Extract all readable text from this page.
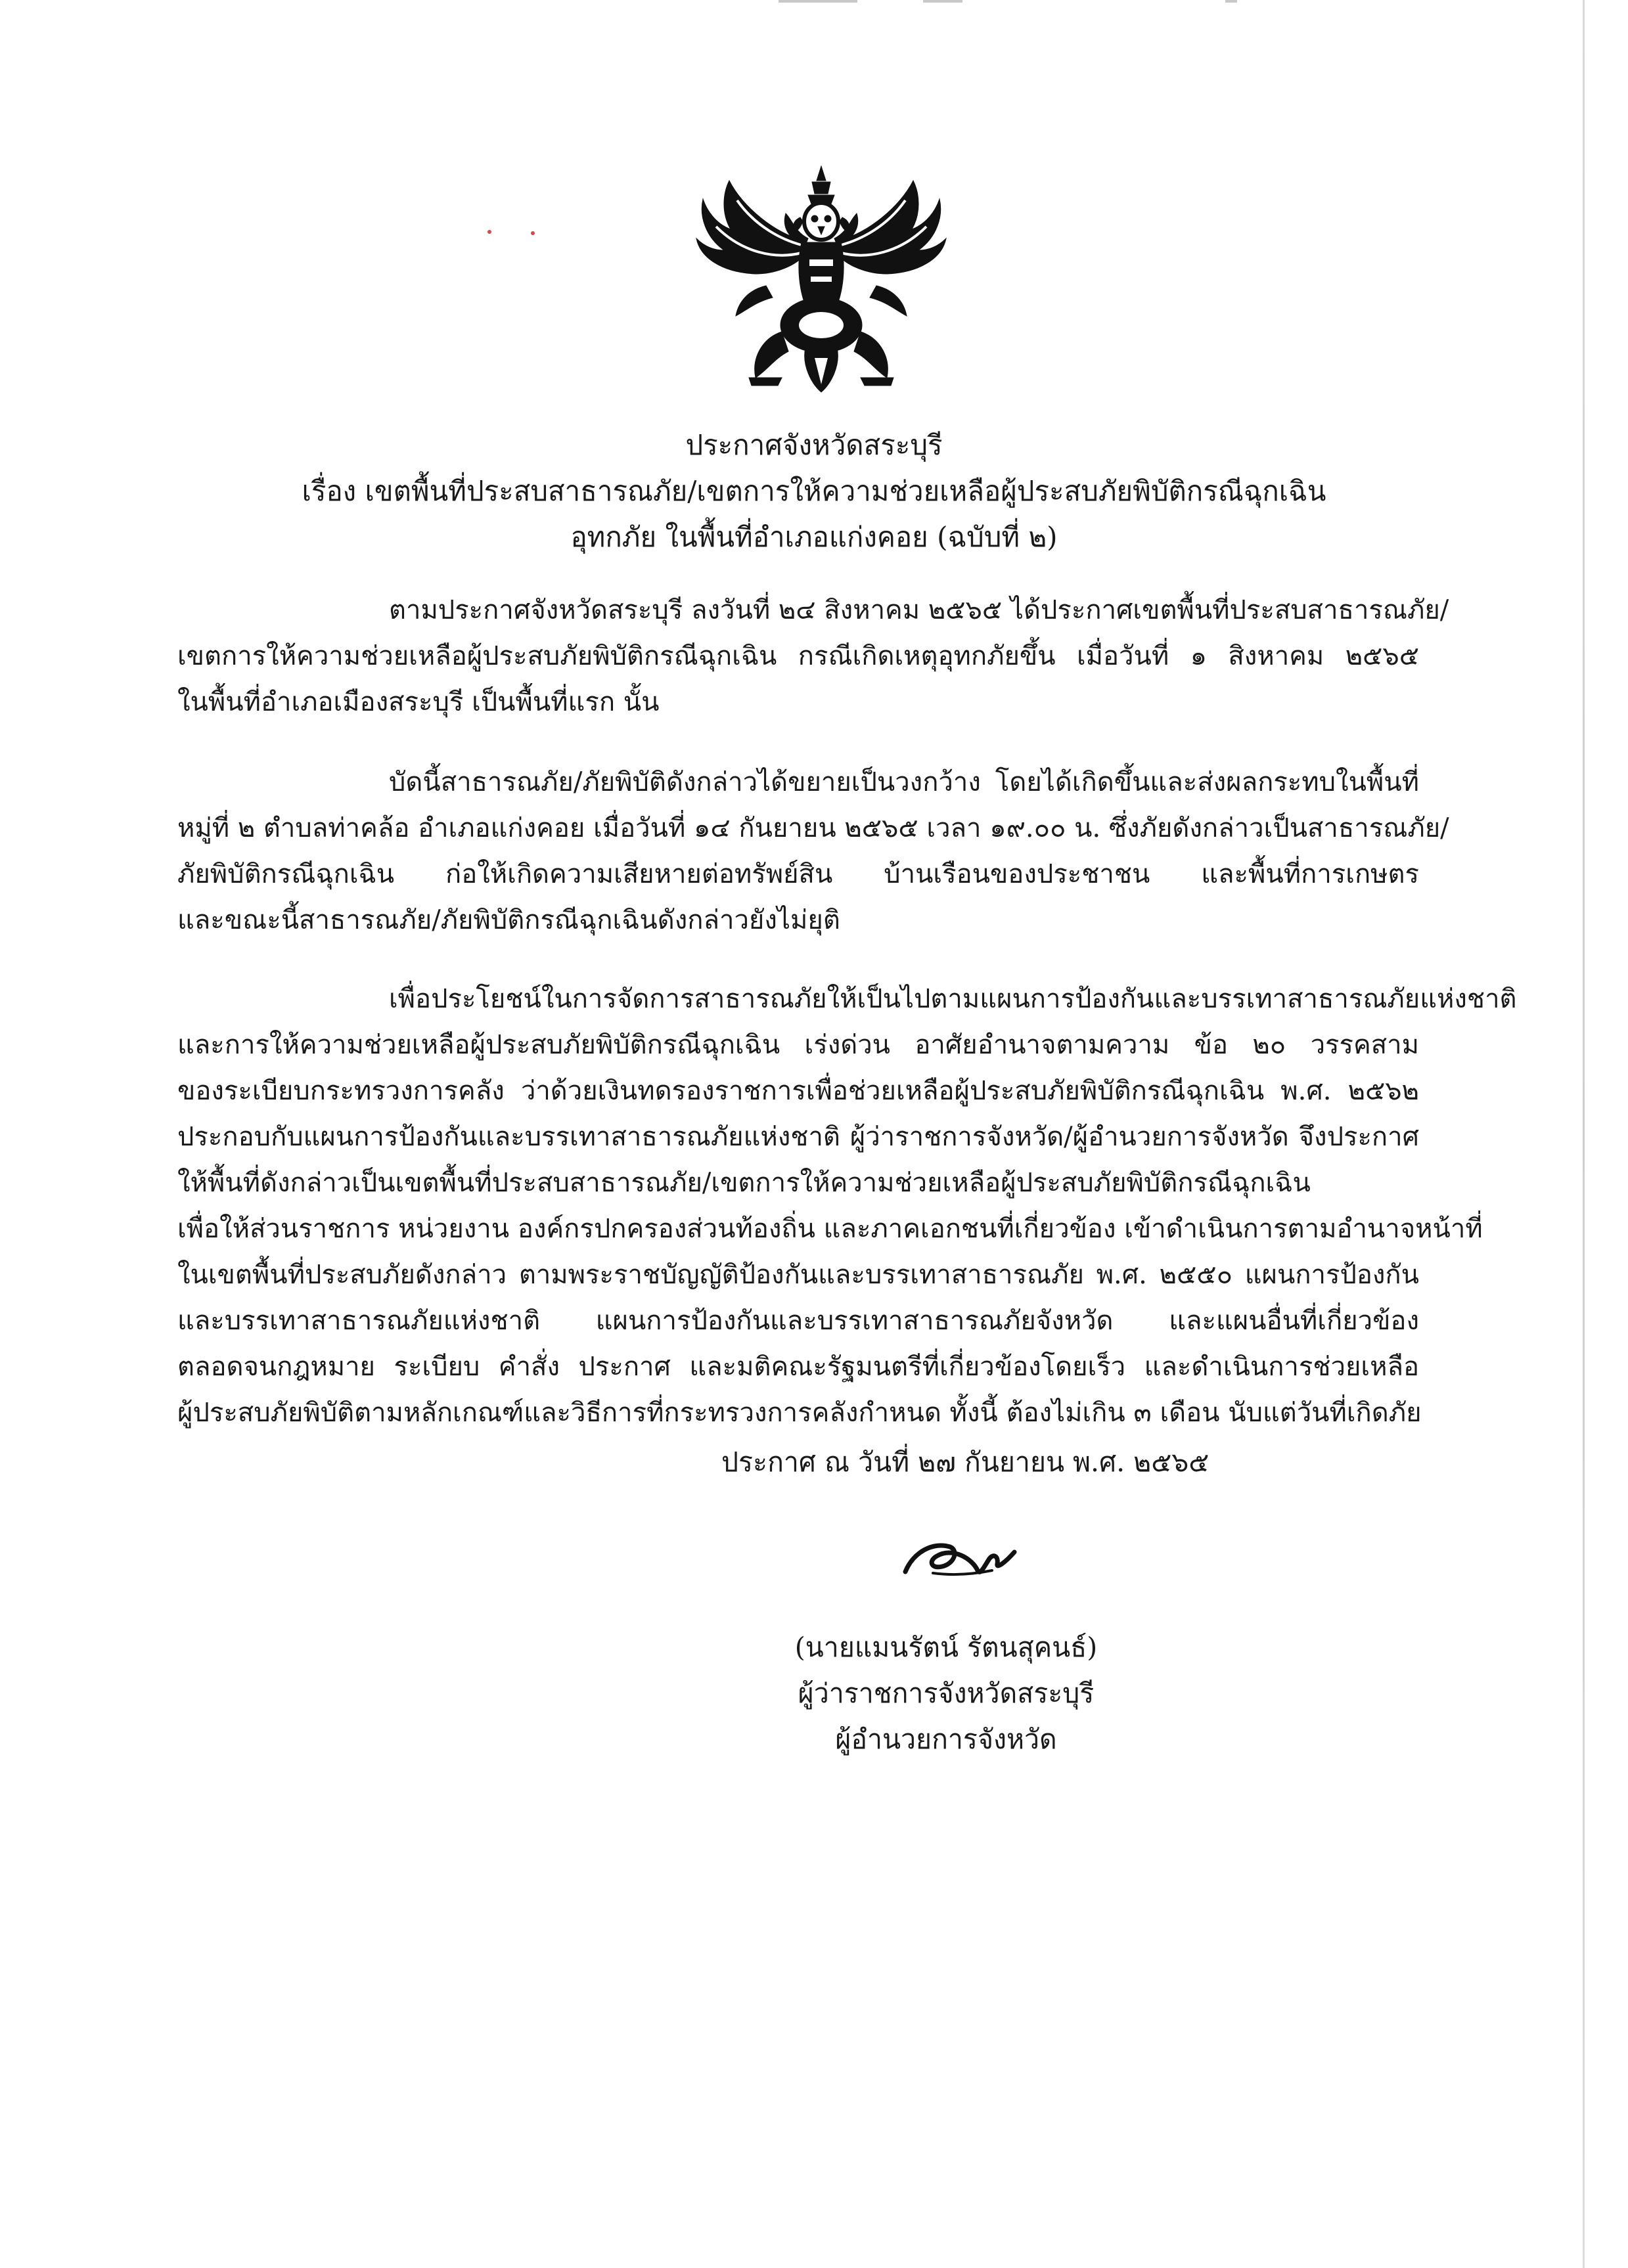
ประกาศจังหวัดสระบุรี
เรื่อง เขตพื้นที่ประสบสาธารณภัย/เขตการให้ความช่วยเหลือผู้ประสบภัยพิบัติกรณีฉุกเฉิน
อุทกภัย ในพื้นที่อำเภอแก่งคอย (ฉบับที่ ๒)
ตามประกาศจังหวัดสระบุรี ลงวันที่ ๒๔ สิงหาคม ๒๕๖๕ ได้ประกาศเขตพื้นที่ประสบสาธารณภัย/
เขตการให้ความช่วยเหลือผู้ประสบภัยพิบัติกรณีฉุกเฉิน กรณีเกิดเหตุอุทกภัยขึ้น เมื่อวันที่ ๑ สิงหาคม ๒๕๖๕
ในพื้นที่อำเภอเมืองสระบุรี เป็นพื้นที่แรก นั้น
บัดนี้สาธารณภัย/ภัยพิบัติดังกล่าวได้ขยายเป็นวงกว้าง โดยได้เกิดขึ้นและส่งผลกระทบในพื้นที่
หมู่ที่ ๒ ตำบลท่าคล้อ อำเภอแก่งคอย เมื่อวันที่ ๑๔ กันยายน ๒๕๖๕ เวลา ๑๙.๐๐ น. ซึ่งภัยดังกล่าวเป็นสาธารณภัย/
ภัยพิบัติกรณีฉุกเฉิน ก่อให้เกิดความเสียหายต่อทรัพย์สิน บ้านเรือนของประชาชน และพื้นที่การเกษตร
และขณะนี้สาธารณภัย/ภัยพิบัติกรณีฉุกเฉินดังกล่าวยังไม่ยุติ
เพื่อประโยชน์ในการจัดการสาธารณภัยให้เป็นไปตามแผนการป้องกันและบรรเทาสาธารณภัยแห่งชาติ
และการให้ความช่วยเหลือผู้ประสบภัยพิบัติกรณีฉุกเฉิน เร่งด่วน อาศัยอำนาจตามความ ข้อ ๒๐ วรรคสาม
ของระเบียบกระทรวงการคลัง ว่าด้วยเงินทดรองราชการเพื่อช่วยเหลือผู้ประสบภัยพิบัติกรณีฉุกเฉิน พ.ศ. ๒๕๖๒
ประกอบกับแผนการป้องกันและบรรเทาสาธารณภัยแห่งชาติ ผู้ว่าราชการจังหวัด/ผู้อำนวยการจังหวัด จึงประกาศ
ให้พื้นที่ดังกล่าวเป็นเขตพื้นที่ประสบสาธารณภัย/เขตการให้ความช่วยเหลือผู้ประสบภัยพิบัติกรณีฉุกเฉิน
เพื่อให้ส่วนราชการ หน่วยงาน องค์กรปกครองส่วนท้องถิ่น และภาคเอกชนที่เกี่ยวข้อง เข้าดำเนินการตามอำนาจหน้าที่
ในเขตพื้นที่ประสบภัยดังกล่าว ตามพระราชบัญญัติป้องกันและบรรเทาสาธารณภัย พ.ศ. ๒๕๕๐ แผนการป้องกัน
และบรรเทาสาธารณภัยแห่งชาติ แผนการป้องกันและบรรเทาสาธารณภัยจังหวัด และแผนอื่นที่เกี่ยวข้อง
ตลอดจนกฎหมาย ระเบียบ คำสั่ง ประกาศ และมติคณะรัฐมนตรีที่เกี่ยวข้องโดยเร็ว และดำเนินการช่วยเหลือ
ผู้ประสบภัยพิบัติตามหลักเกณฑ์และวิธีการที่กระทรวงการคลังกำหนด ทั้งนี้ ต้องไม่เกิน ๓ เดือน นับแต่วันที่เกิดภัย
ประกาศ ณ วันที่ ๒๗ กันยายน พ.ศ. ๒๕๖๕
(นายแมนรัตน์ รัตนสุคนธ์)
ผู้ว่าราชการจังหวัดสระบุรี
ผู้อำนวยการจังหวัด
